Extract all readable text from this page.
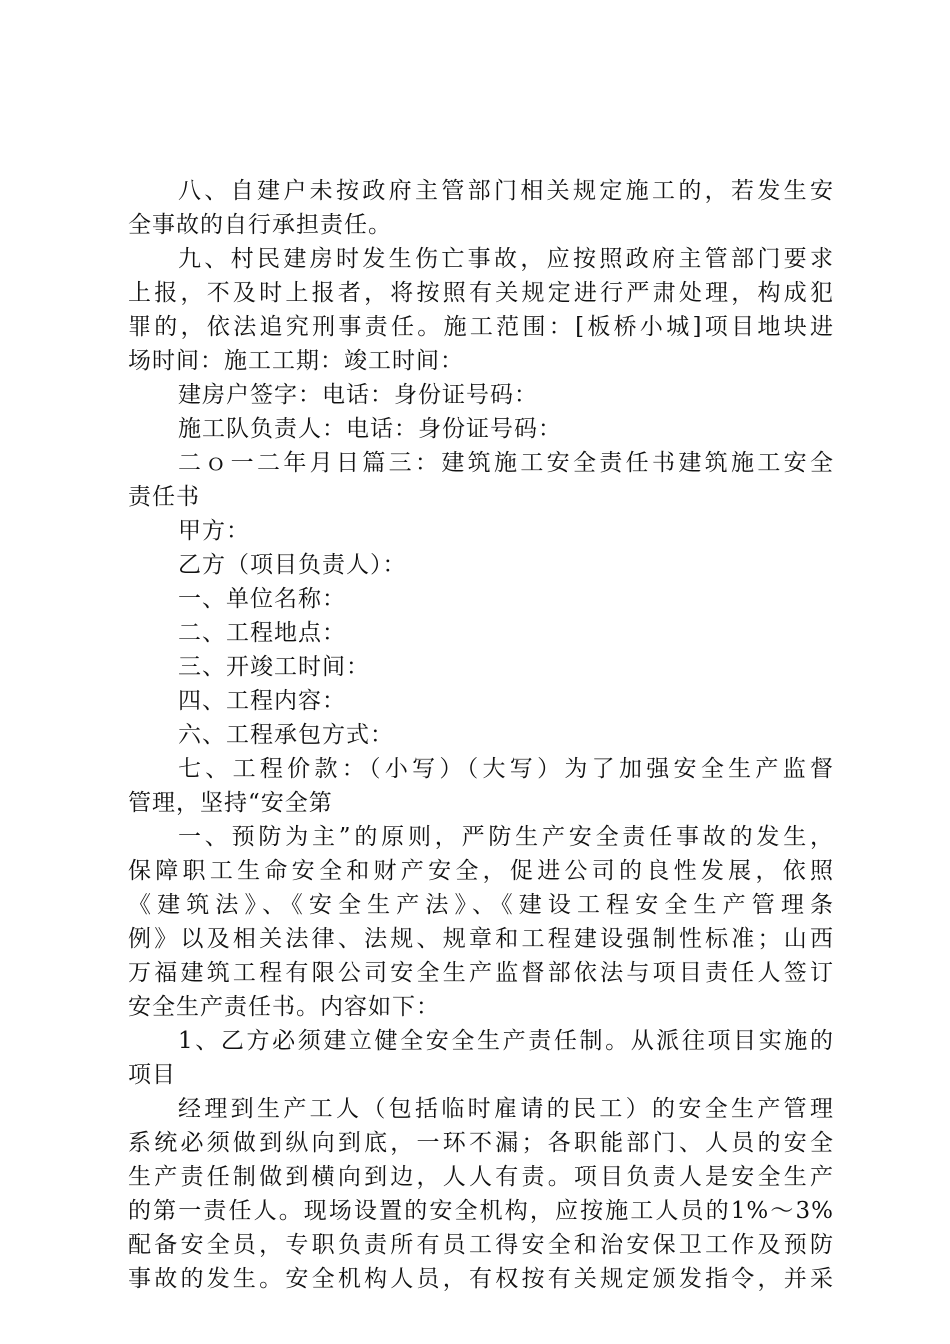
八、自建户未按政府主管部门相关规定施工的，若发生安
全事故的自行承担责任。
九、村民建房时发生伤亡事故，应按照政府主管部门要求
上报，不及时上报者，将按照有关规定进行严肃处理，构成犯
罪的，依法追究刑事责任。施工范围：[板桥小城]项目地块进
场时间：施工工期：竣工时间：
建房户签字：电话：身份证号码：
施工队负责人：电话：身份证号码：
二ｏ一二年月日篇三：建筑施工安全责任书建筑施工安全
责任书
甲方：
乙方（项目负责人）：
一、单位名称：
二、工程地点：
三、开竣工时间：
四、工程内容：
六、工程承包方式：
七、工程价款：（小写）（大写）为了加强安全生产监督
管理，坚持“安全第
一、预防为主”的原则，严防生产安全责任事故的发生，
保障职工生命安全和财产安全，促进公司的良性发展，依照
《建筑法》、《安全生产法》、《建设工程安全生产管理条
例》以及相关法律、法规、规章和工程建设强制性标准；山西
万福建筑工程有限公司安全生产监督部依法与项目责任人签订
安全生产责任书。内容如下：
1、乙方必须建立健全安全生产责任制。从派往项目实施的
项目
经理到生产工人（包括临时雇请的民工）的安全生产管理
系统必须做到纵向到底，一环不漏；各职能部门、人员的安全
生产责任制做到横向到边，人人有责。项目负责人是安全生产
的第一责任人。现场设置的安全机构，应按施工人员的1%～3%
配备安全员，专职负责所有员工得安全和治安保卫工作及预防
事故的发生。安全机构人员，有权按有关规定颁发指令，并采
